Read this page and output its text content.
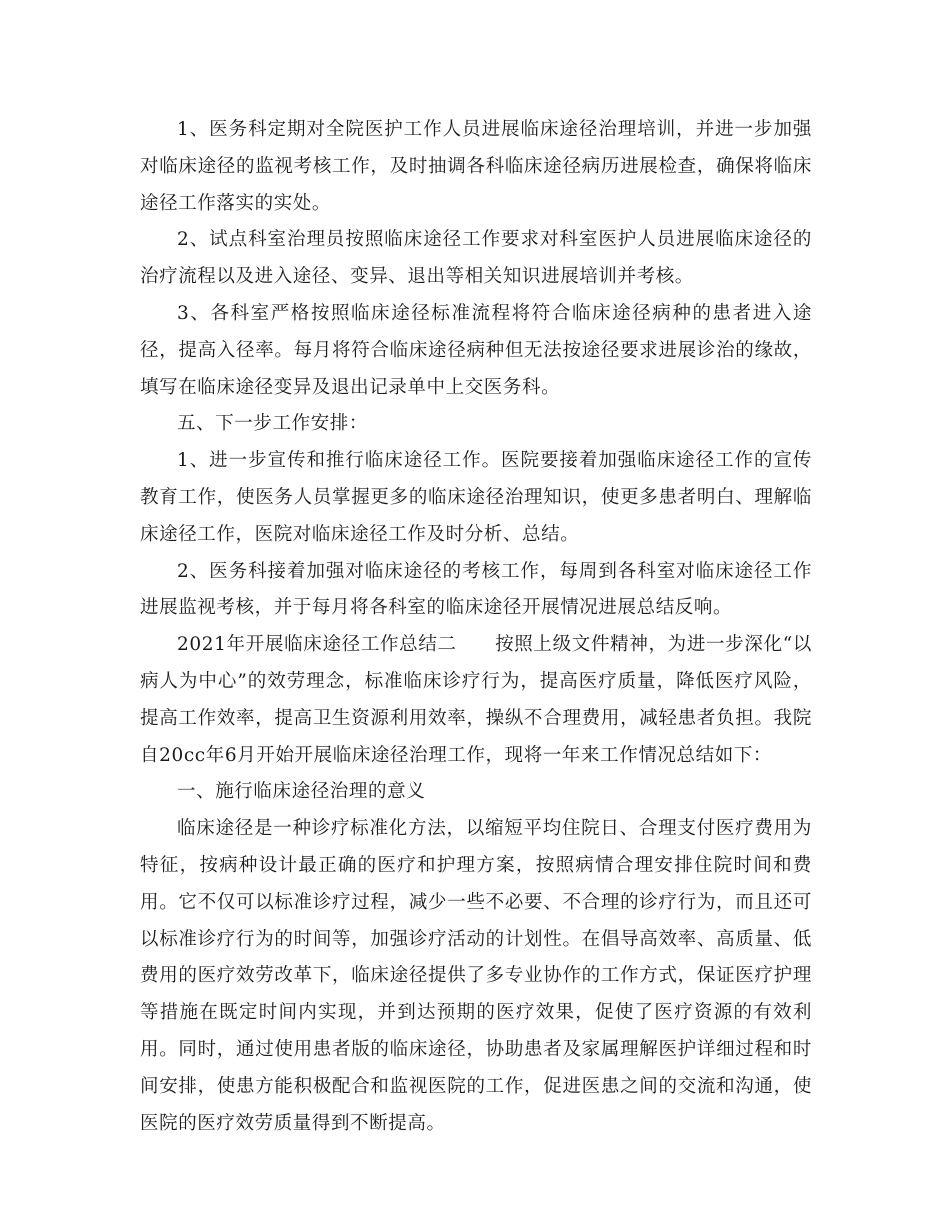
1、医务科定期对全院医护工作人员进展临床途径治理培训，并进一步加强对临床途径的监视考核工作，及时抽调各科临床途径病历进展检查，确保将临床途径工作落实的实处。

2、试点科室治理员按照临床途径工作要求对科室医护人员进展临床途径的治疗流程以及进入途径、变异、退出等相关知识进展培训并考核。

3、各科室严格按照临床途径标准流程将符合临床途径病种的患者进入途径，提高入径率。每月将符合临床途径病种但无法按途径要求进展诊治的缘故，填写在临床途径变异及退出记录单中上交医务科。

五、下一步工作安排：

1、进一步宣传和推行临床途径工作。医院要接着加强临床途径工作的宣传教育工作，使医务人员掌握更多的临床途径治理知识，使更多患者明白、理解临床途径工作，医院对临床途径工作及时分析、总结。

2、医务科接着加强对临床途径的考核工作，每周到各科室对临床途径工作进展监视考核，并于每月将各科室的临床途径开展情况进展总结反响。

2021年开展临床途径工作总结二　　按照上级文件精神，为进一步深化“以病人为中心”的效劳理念，标准临床诊疗行为，提高医疗质量，降低医疗风险，提高工作效率，提高卫生资源利用效率，操纵不合理费用，减轻患者负担。我院自20cc年6月开始开展临床途径治理工作，现将一年来工作情况总结如下：

一、施行临床途径治理的意义

临床途径是一种诊疗标准化方法，以缩短平均住院日、合理支付医疗费用为特征，按病种设计最正确的医疗和护理方案，按照病情合理安排住院时间和费用。它不仅可以标准诊疗过程，减少一些不必要、不合理的诊疗行为，而且还可以标准诊疗行为的时间等，加强诊疗活动的计划性。在倡导高效率、高质量、低费用的医疗效劳改革下，临床途径提供了多专业协作的工作方式，保证医疗护理等措施在既定时间内实现，并到达预期的医疗效果，促使了医疗资源的有效利用。同时，通过使用患者版的临床途径，协助患者及家属理解医护详细过程和时间安排，使患方能积极配合和监视医院的工作，促进医患之间的交流和沟通，使医院的医疗效劳质量得到不断提高。
